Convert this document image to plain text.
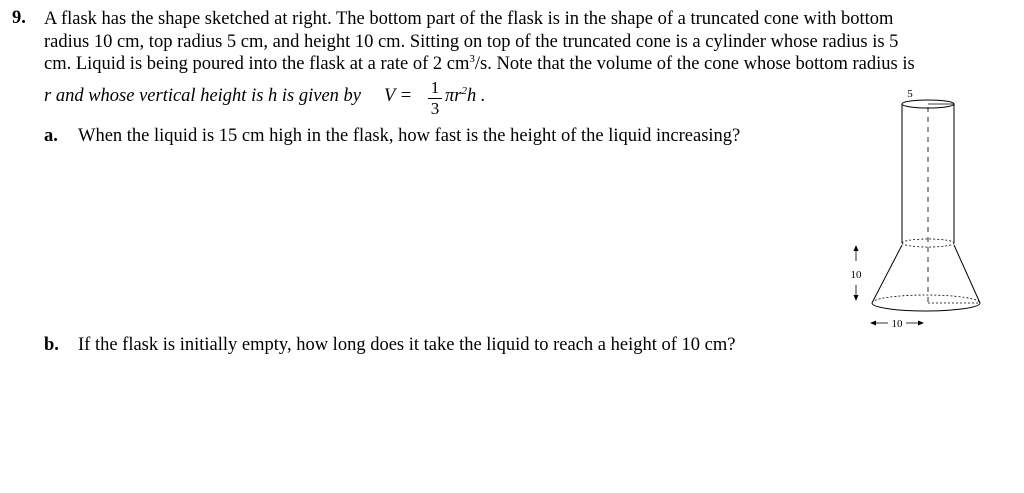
9. A flask has the shape sketched at right. The bottom part of the flask is in the shape of a truncated cone with bottom
radius 10 cm, top radius 5 cm, and height 10 cm. Sitting on top of the truncated cone is a cylinder whose radius is 5
cm. Liquid is being poured into the flask at a rate of 2 $cm^3/s$. Note that the volume of the cone whose bottom radius is
r and whose vertical height is h is given by V = 1
3
$\pi r^2h$ .
a. When the liquid is 15 cm high in the flask, how fast is the height of the liquid increasing?
b. If the flask is initially empty, how long does it take the liquid to reach a height of 10 cm?
5
10
10
